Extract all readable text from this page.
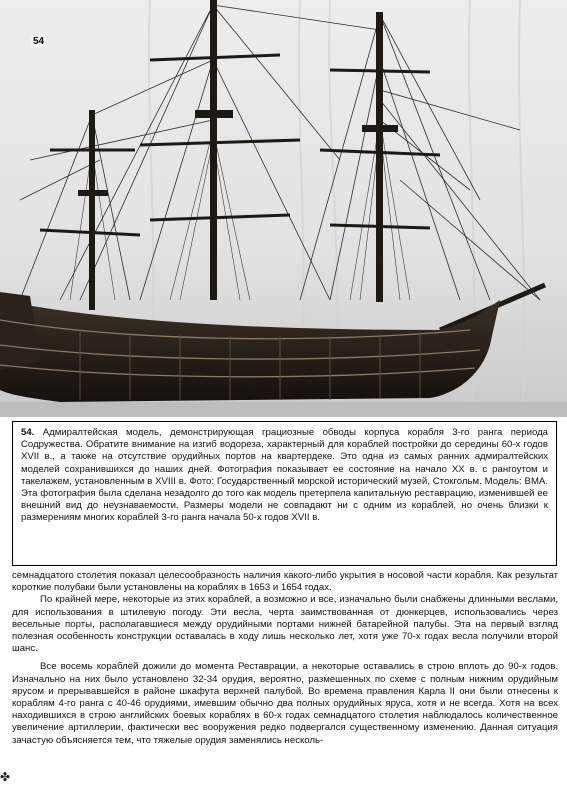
54
54. Адмиралтейская модель, демонстрирующая грациозные обводы корпуса корабля 3-го ранга периода Содружества. Обратите внимание на изгиб водореза, характерный для кораблей постройки до середины 60-х годов XVII в., а также на отсутствие орудийных портов на квартердеке. Это одна из самых ранних адмиралтейских моделей сохранившихся до наших дней. Фотография показывает ее состояние на начало XX в. с рангоутом и такелажем, установленным в XVIII в. Фото: Государственный морской исторический музей, Стокгольм. Модель: ВМА. Эта фотография была сделана незадолго до того как модель претерпела капитальную реставрацию, изменившей ее внешний вид до неузнаваемости. Размеры модели не совпадают ни с одним из кораблей, но очень близки к размерениям многих кораблей 3-го ранга начала 50-х годов XVII в.

семнадцатого столетия показал целесообразность наличия какого-либо укрытия в носовой части корабля. Как результат короткие полубаки были установлены на кораблях в 1653 и 1654 годах.

По крайней мере, некоторые из этих кораблей, а возможно и все, изначально были снабжены длинными веслами, для использования в штилевую погоду. Эти весла, черта заимствованная от дюнкерцев, использовались через весельные порты, располагавшиеся между орудийными портами нижней батарейной палубы. Эта на первый взгляд полезная особенность конструкции оставалась в ходу лишь несколько лет, хотя уже 70-х годах весла получили второй шанс.

Все восемь кораблей дожили до момента Реставрации, а некоторые оставались в строю вплоть до 90-х годов. Изначально на них было установлено 32-34 орудия, вероятно, размешенных по схеме с полным нижним орудийным ярусом и прерывавшейся в районе шкафута верхней палубой. Во времена правления Карла II они были отнесены к кораблям 4-го ранга с 40-46 орудиями, имевшим обычно два полных орудийных яруса, хотя и не всегда. Хотя на всех находившихся в строю английских боевых кораблях в 60-х годах семнадцатого столетия наблюдалось количественное увеличение артиллерии, фактически вес вооружения редко подвергался существенному изменению. Данная ситуация зачастую объясняется тем, что тяжелые орудия заменялись несколь-

✤
